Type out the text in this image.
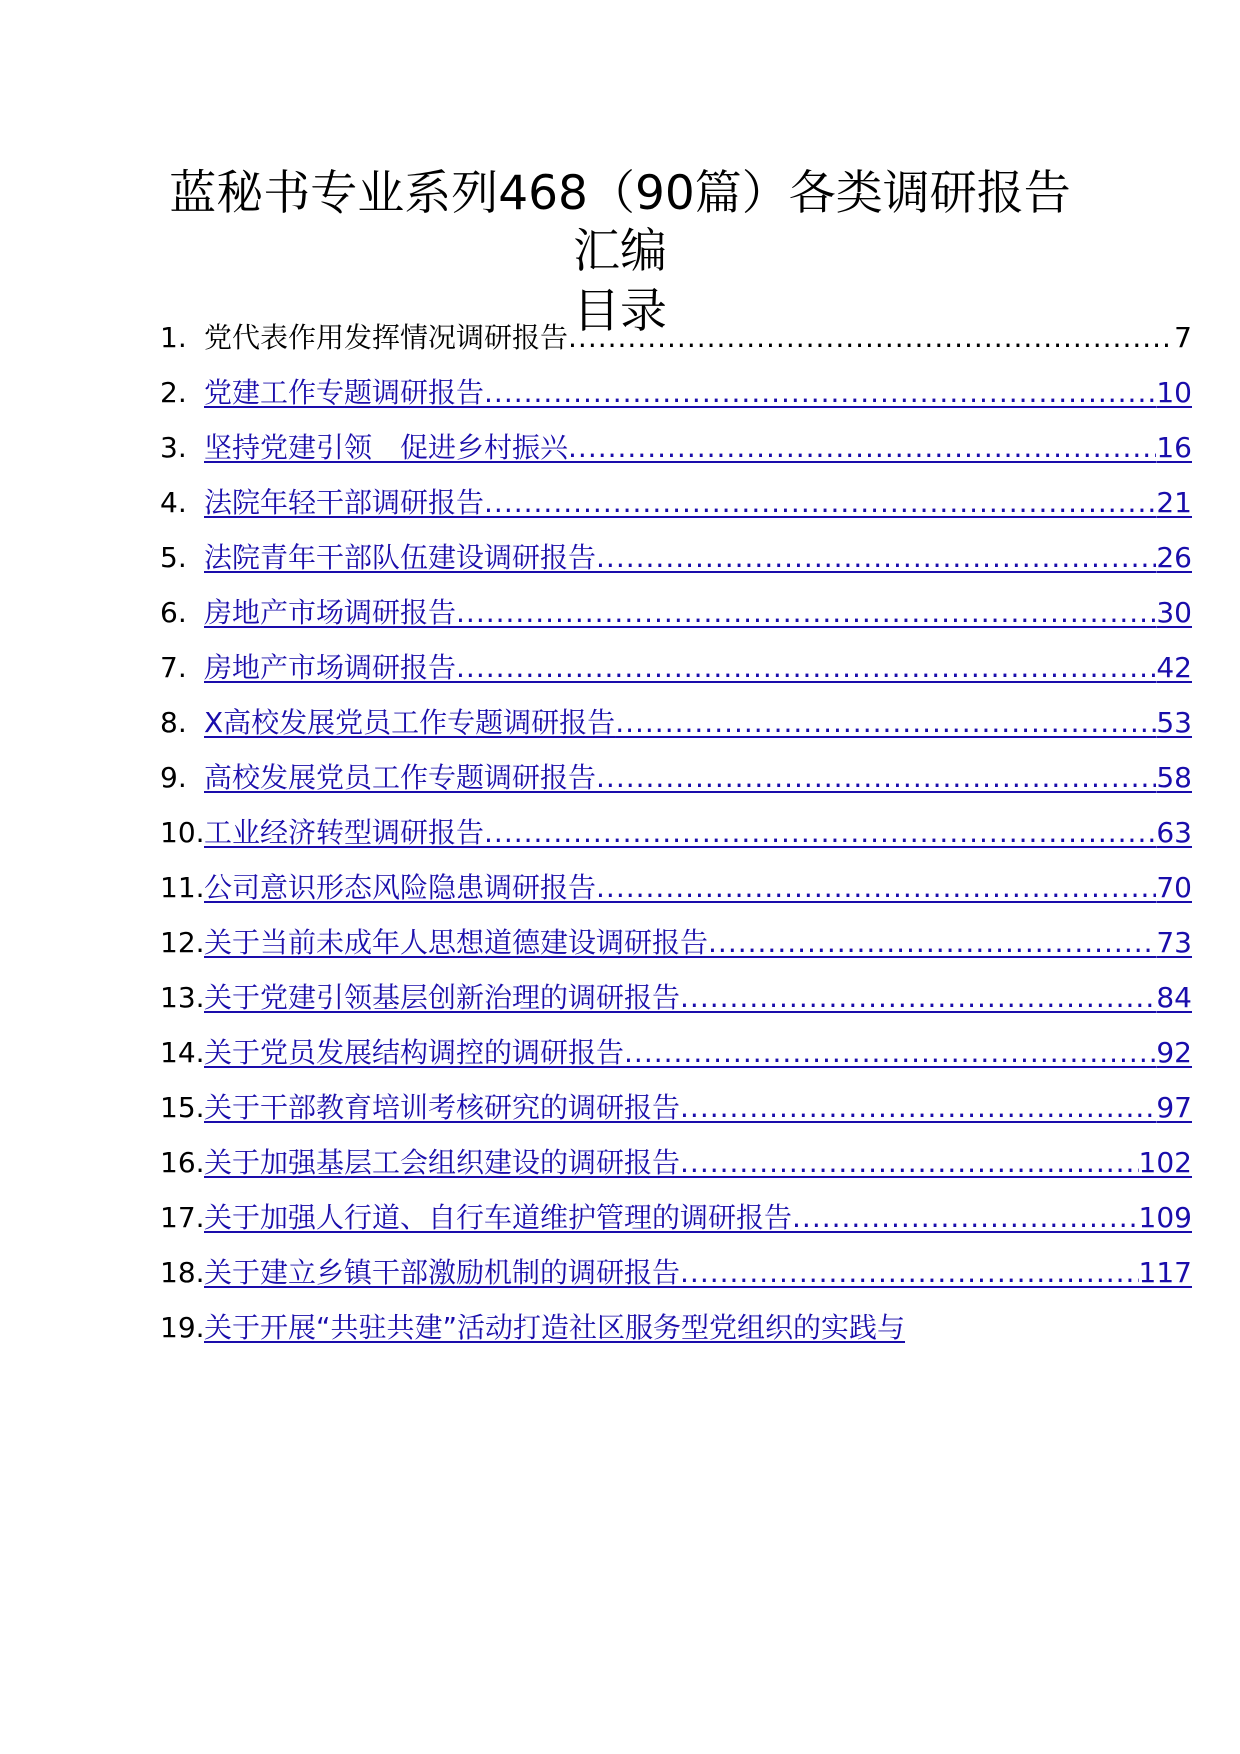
蓝秘书专业系列468（90篇）各类调研报告
汇编
目录
1. 党代表作用发挥情况调研报告 .....	7
2. 党建工作专题调研报告 .....	10
3. 坚持党建引领　促进乡村振兴 .....	16
4. 法院年轻干部调研报告 .....	21
5. 法院青年干部队伍建设调研报告 .....	26
6. 房地产市场调研报告 .....	30
7. 房地产市场调研报告 .....	42
8. X高校发展党员工作专题调研报告 .....	53
9. 高校发展党员工作专题调研报告 .....	58
10. 工业经济转型调研报告 .....	63
11. 公司意识形态风险隐患调研报告 .....	70
12. 关于当前未成年人思想道德建设调研报告 .....	73
13. 关于党建引领基层创新治理的调研报告 .....	84
14. 关于党员发展结构调控的调研报告 .....	92
15. 关于干部教育培训考核研究的调研报告 .....	97
16. 关于加强基层工会组织建设的调研报告 .....	102
17. 关于加强人行道、自行车道维护管理的调研报告 .....	109
18. 关于建立乡镇干部激励机制的调研报告 .....	117
19. 关于开展“共驻共建”活动打造社区服务型党组织的实践与
